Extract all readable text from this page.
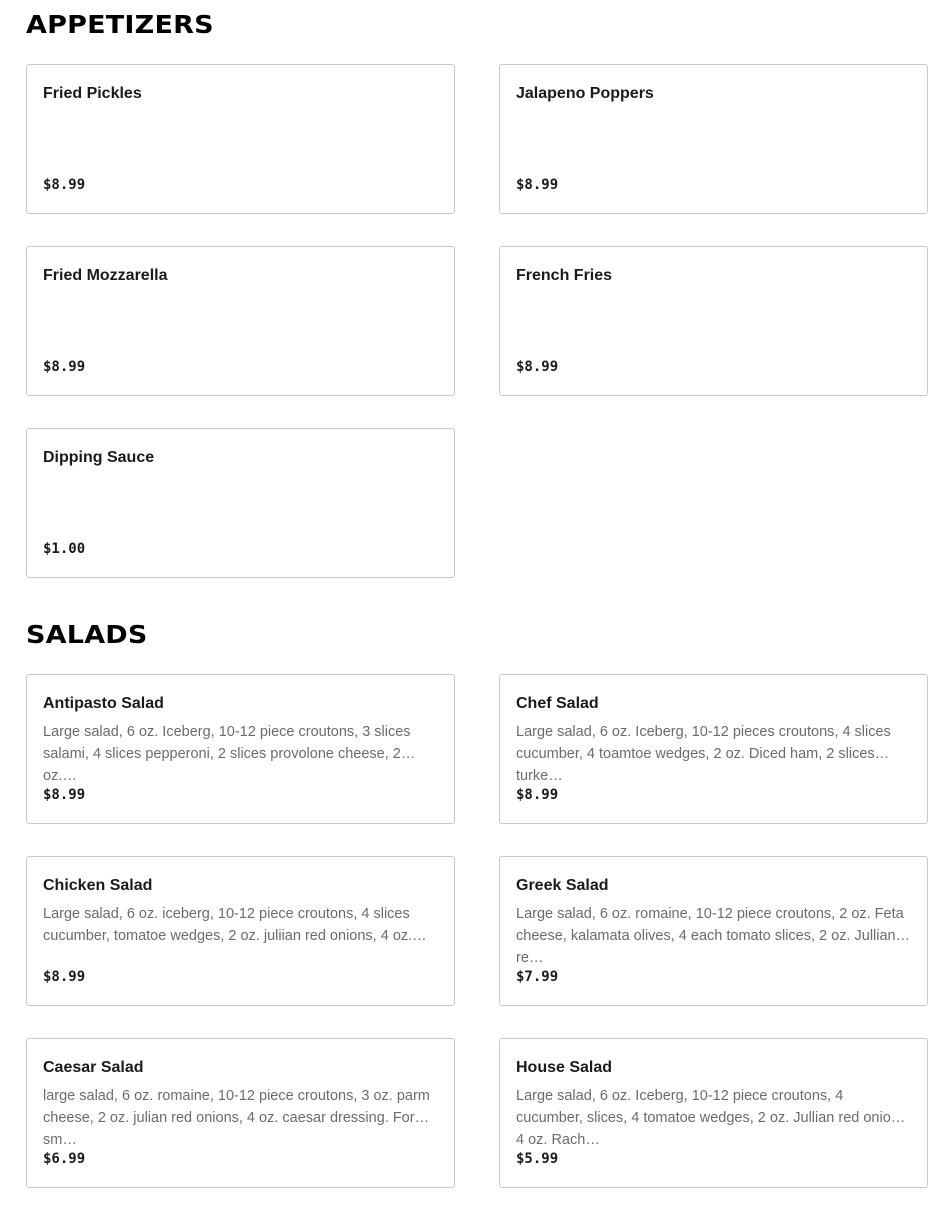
APPETIZERS
Fried Pickles
$8.99
Jalapeno Poppers
$8.99
Fried Mozzarella
$8.99
French Fries
$8.99
Dipping Sauce
$1.00
SALADS
Antipasto Salad
Large salad, 6 oz. Iceberg, 10-12 piece croutons, 3 slices salami, 4 slices pepperoni, 2 slices provolone cheese, 2 oz.…
$8.99
Chef Salad
Large salad, 6 oz. Iceberg, 10-12 pieces croutons, 4 slices cucumber, 4 toamtoe wedges, 2 oz. Diced ham, 2 slices turke…
$8.99
Chicken Salad
Large salad, 6 oz. iceberg, 10-12 piece croutons, 4 slices cucumber, tomatoe wedges, 2 oz. juliian red onions, 4 oz.…
$8.99
Greek Salad
Large salad, 6 oz. romaine, 10-12 piece croutons, 2 oz. Feta cheese, kalamata olives, 4 each tomato slices, 2 oz. Jullian re…
$7.99
Caesar Salad
large salad, 6 oz. romaine, 10-12 piece croutons, 3 oz. parm cheese, 2 oz. julian red onions, 4 oz. caesar dressing. For sm…
$6.99
House Salad
Large salad, 6 oz. Iceberg, 10-12 piece croutons, 4 cucumber, slices, 4 tomatoe wedges, 2 oz. Jullian red onions, 4 oz. Rach…
$5.99
